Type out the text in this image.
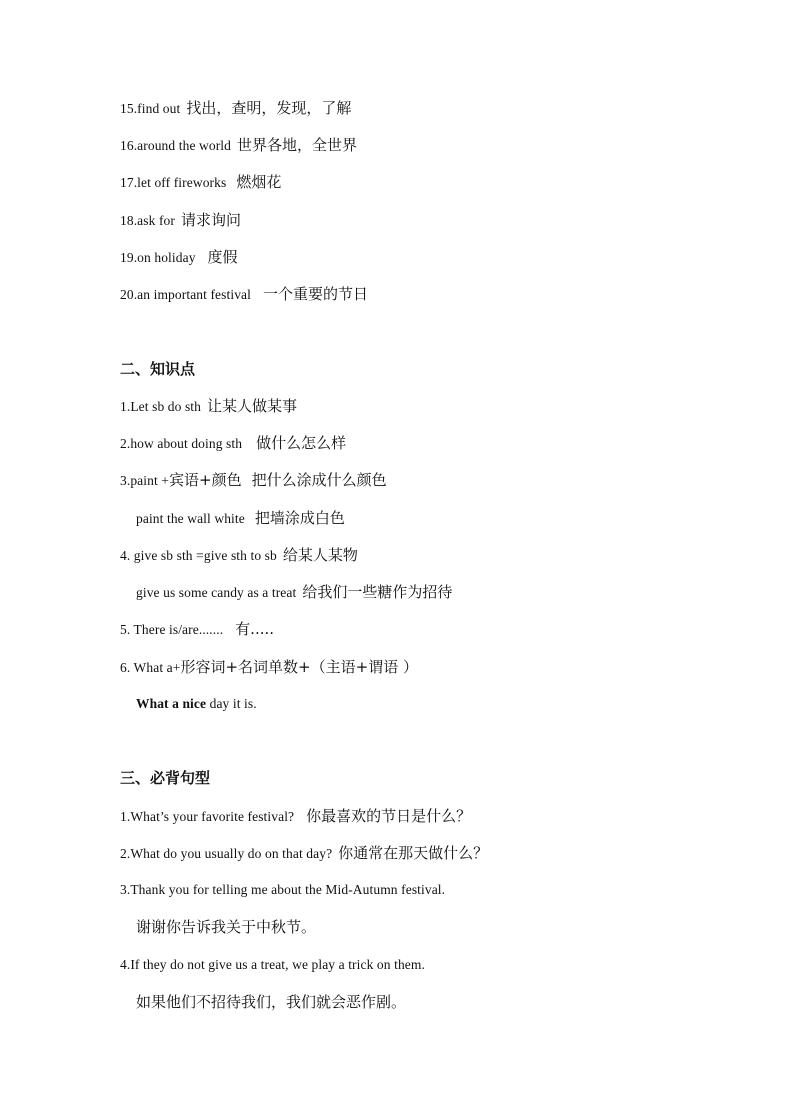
15.find out 找出，查明，发现，了解
16.around the world 世界各地，全世界
17.let off fireworks 燃烟花
18.ask for 请求询问
19.on holiday 度假
20.an important festival 一个重要的节日
二、知识点
1.Let sb do sth 让某人做某事
2.how about doing sth 做什么怎么样
3.paint +宾语+颜色 把什么涂成什么颜色
paint the wall white 把墙涂成白色
4. give sb sth =give sth to sb 给某人某物
give us some candy as a treat 给我们一些糖作为招待
5. There is/are....... 有.....
6. What a+形容词+名词单数+（主语+谓语 ）
What a nice day it is.
三、必背句型
1.What’s your favorite festival? 你最喜欢的节日是什么？
2.What do you usually do on that day? 你通常在那天做什么？
3.Thank you for telling me about the Mid-Autumn festival.
谢谢你告诉我关于中秋节。
4.If they do not give us a treat, we play a trick on them.
如果他们不招待我们，我们就会恶作剧。
